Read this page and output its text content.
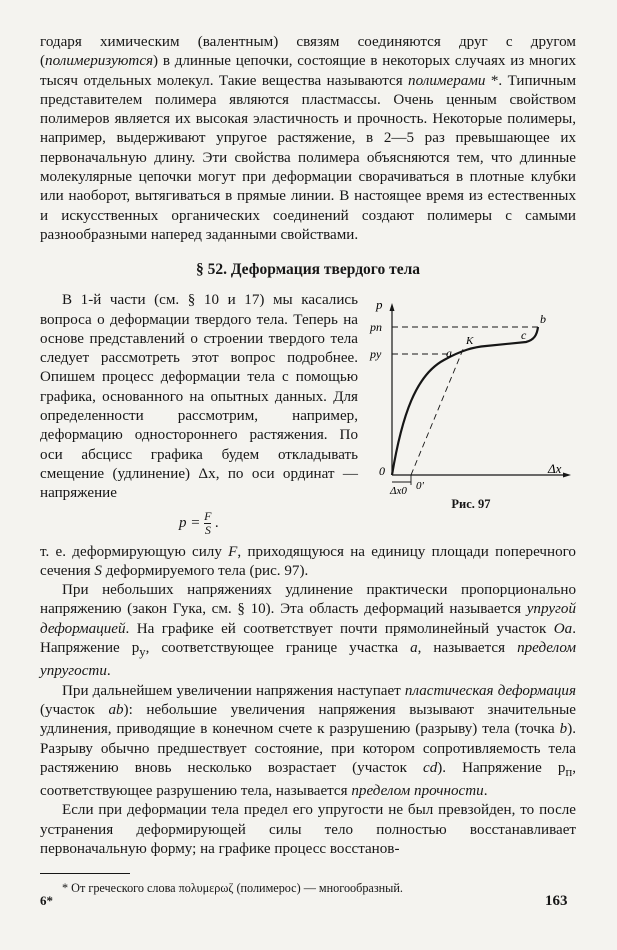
годаря химическим (валентным) связям соединяются друг с другом (полимеризуются) в длинные цепочки, состоящие в некоторых случаях из многих тысяч отдельных молекул. Такие вещества называются полимерами *. Типичным представителем полимера являются пластмассы. Очень ценным свойством полимеров является их высокая эластичность и прочность. Некоторые полимеры, например, выдерживают упругое растяжение, в 2—5 раз превышающее их первоначальную длину. Эти свойства полимера объясняются тем, что длинные молекулярные цепочки могут при деформации сворачиваться в плотные клубки или наоборот, вытягиваться в прямые линии. В настоящее время из естественных и искусственных органических соединений создают полимеры с самыми разнообразными наперед заданными свойствами.

§ 52. Деформация твердого тела
p
pп
py
0
0'
Δx0
Δx
a
K	c
b
Рис. 97

В 1-й части (см. § 10 и 17) мы касались вопроса о деформации твердого тела. Теперь на основе представлений о строении твердого тела следует рассмотреть этот вопрос подробнее. Опишем процесс деформации тела с помощью графика, основанного на опытных данных. Для определенности рассмотрим, например, деформацию одностороннего растяжения. По оси абсцисс графика будем откладывать смещение (удлинение) Δx, по оси ординат — напряжение

$p = \frac{F}{S}$ .

т. е. деформирующую силу F, приходящуюся на единицу площади поперечного сечения S деформируемого тела (рис. 97).

При небольших напряжениях удлинение практически пропорционально напряжению (закон Гука, см. § 10). Эта область деформаций называется упругой деформацией. На графике ей соответствует почти прямолинейный участок Oa. Напряжение $p_y$, соответствующее границе участка a, называется пределом упругости.

При дальнейшем увеличении напряжения наступает пластическая деформация (участок ab): небольшие увеличения напряжения вызывают значительные удлинения, приводящие в конечном счете к разрушению (разрыву) тела (точка b). Разрыву обычно предшествует состояние, при котором сопротивляемость тела растяжению вновь несколько возрастает (участок cd). Напряжение $p_п$, соответствующее разрушению тела, называется пределом прочности.

Если при деформации тела предел его упругости не был превзойден, то после устранения деформирующей силы тело полностью восстанавливает первоначальную форму; на графике процесс восстанов-

* От греческого слова πολυμερωζ (полимерос) — многообразный.

6*	163
